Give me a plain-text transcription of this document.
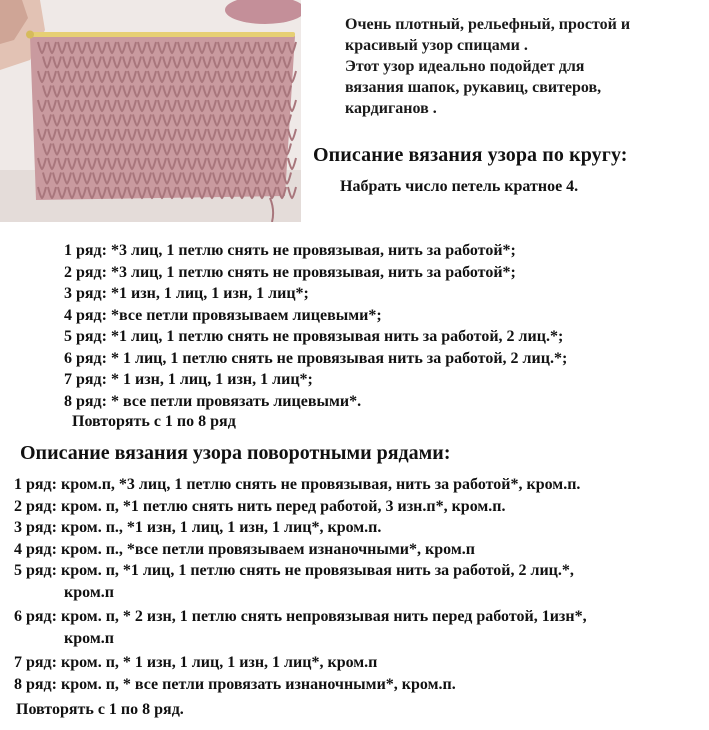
Очень плотный, рельефный, простой и
красивый узор спицами .
Этот узор идеально подойдет для
вязания шапок, рукавиц, свитеров,
кардиганов .
Описание вязания узора по кругу:
Набрать число петель кратное 4.
1 ряд: *3 лиц, 1 петлю снять не провязывая, нить за работой*;
2 ряд: *3 лиц, 1 петлю снять не провязывая, нить за работой*;
3 ряд: *1 изн, 1 лиц, 1 изн, 1 лиц*;
4 ряд: *все петли провязываем лицевыми*;
5 ряд: *1 лиц, 1 петлю снять не провязывая нить за работой, 2 лиц.*;
6 ряд: * 1 лиц, 1 петлю снять не провязывая нить за работой, 2 лиц.*;
7 ряд: * 1 изн, 1 лиц, 1 изн, 1 лиц*;
8 ряд: * все петли провязать лицевыми*.
Повторять с 1 по 8 ряд
Описание вязания узора поворотными рядами:
1 ряд: кром.п, *3 лиц, 1 петлю снять не провязывая, нить за работой*, кром.п.
2 ряд: кром. п, *1 петлю снять нить перед работой, 3 изн.п*, кром.п.
3 ряд: кром. п., *1 изн, 1 лиц, 1 изн, 1 лиц*, кром.п.
4 ряд: кром. п., *все петли провязываем изнаночными*, кром.п
5 ряд: кром. п, *1 лиц, 1 петлю снять не провязывая нить за работой, 2 лиц.*,
кром.п
6 ряд: кром. п, * 2 изн, 1 петлю снять непровязывая нить перед работой, 1изн*,
кром.п
7 ряд: кром. п, * 1 изн, 1 лиц, 1 изн, 1 лиц*, кром.п
8 ряд: кром. п, * все петли провязать изнаночными*, кром.п.
Повторять с 1 по 8 ряд.
